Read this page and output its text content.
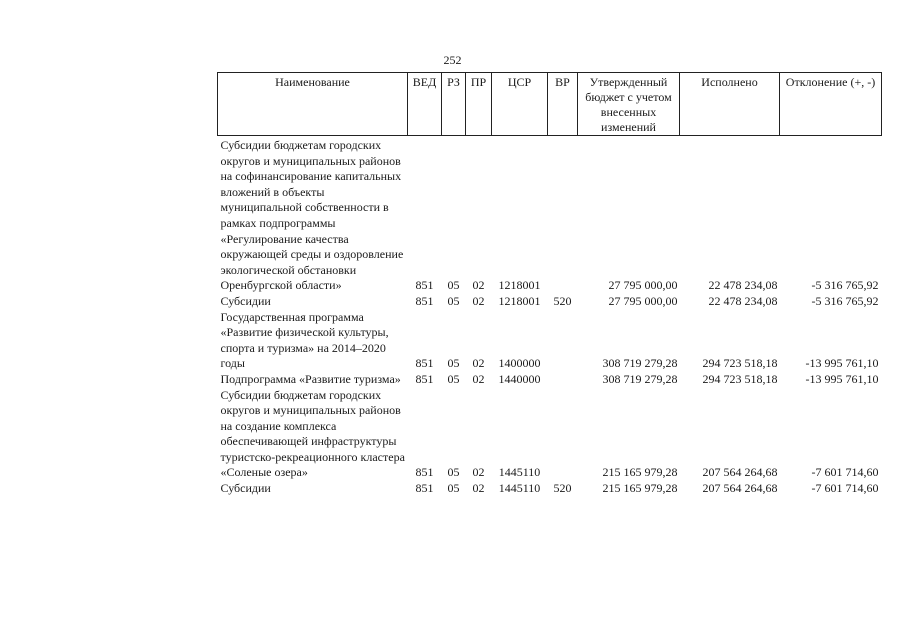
252
Наименование	ВЕД	РЗ	ПР	ЦСР	ВР	Утвержденный бюджет с учетом внесенных изменений	Исполнено	Отклонение (+, -)
Субсидии бюджетам городских округов и муниципальных районов на софинансирование капитальных вложений в объекты муниципальной собственности в рамках подпрограммы «Регулирование качества окружающей среды и оздоровление экологической обстановки Оренбургской области»	851	05	02	1218001		27 795 000,00	22 478 234,08	-5 316 765,92
Субсидии	851	05	02	1218001	520	27 795 000,00	22 478 234,08	-5 316 765,92
Государственная программа «Развитие физической культуры, спорта и туризма» на 2014–2020 годы	851	05	02	1400000		308 719 279,28	294 723 518,18	-13 995 761,10
Подпрограмма «Развитие туризма»	851	05	02	1440000		308 719 279,28	294 723 518,18	-13 995 761,10
Субсидии бюджетам городских округов и муниципальных районов на создание комплекса обеспечивающей инфраструктуры туристско-рекреационного кластера «Соленые озера»	851	05	02	1445110		215 165 979,28	207 564 264,68	-7 601 714,60
Субсидии	851	05	02	1445110	520	215 165 979,28	207 564 264,68	-7 601 714,60
